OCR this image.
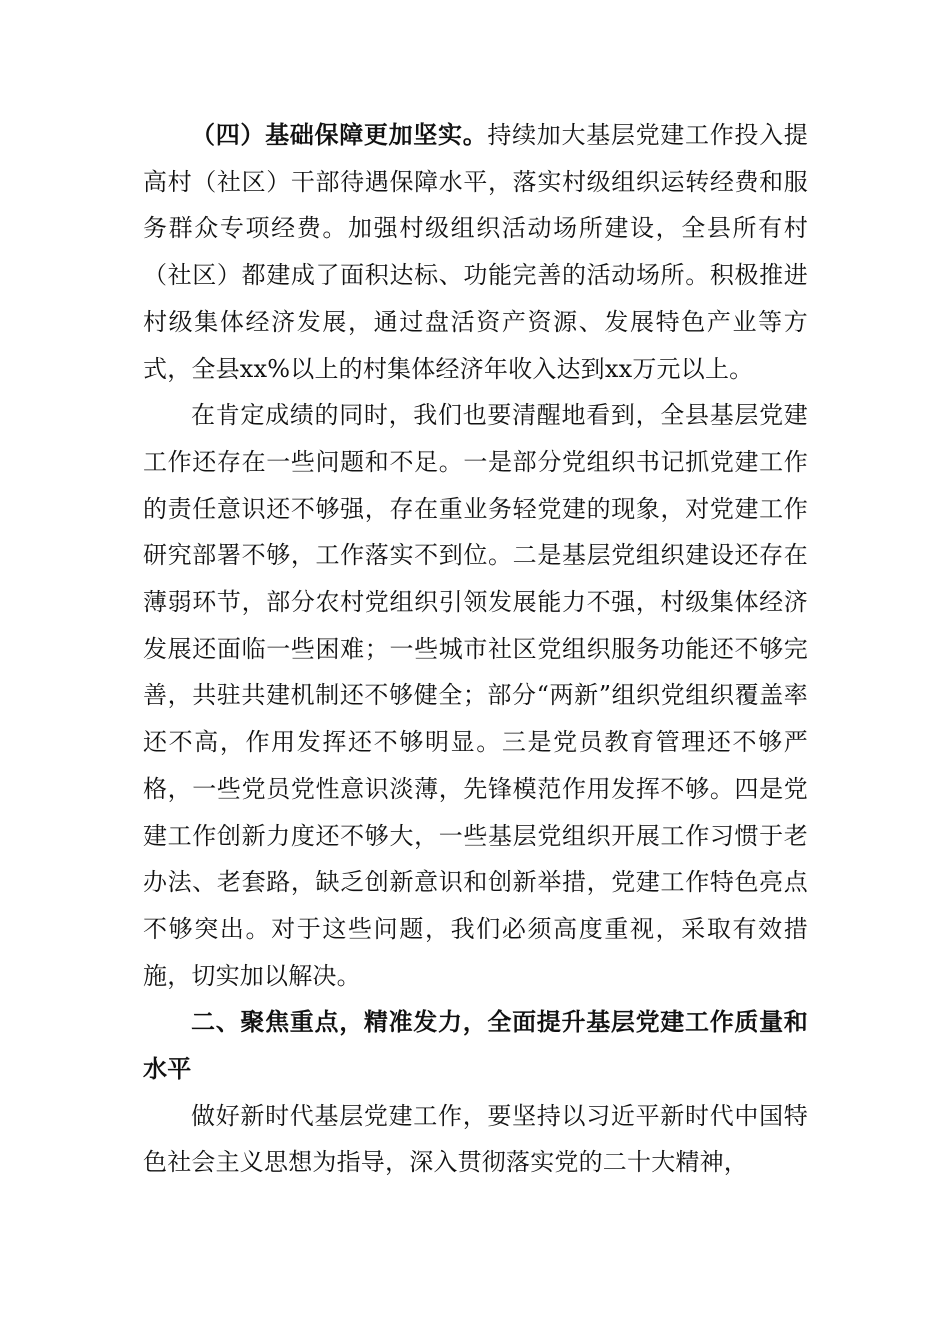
（四）基础保障更加坚实。持续加大基层党建工作投入提高村（社区）干部待遇保障水平，落实村级组织运转经费和服务群众专项经费。加强村级组织活动场所建设，全县所有村（社区）都建成了面积达标、功能完善的活动场所。积极推进村级集体经济发展，通过盘活资产资源、发展特色产业等方式，全县xx%以上的村集体经济年收入达到xx万元以上。

在肯定成绩的同时，我们也要清醒地看到，全县基层党建工作还存在一些问题和不足。一是部分党组织书记抓党建工作的责任意识还不够强，存在重业务轻党建的现象，对党建工作研究部署不够，工作落实不到位。二是基层党组织建设还存在薄弱环节，部分农村党组织引领发展能力不强，村级集体经济发展还面临一些困难；一些城市社区党组织服务功能还不够完善，共驻共建机制还不够健全；部分“两新”组织党组织覆盖率还不高，作用发挥还不够明显。三是党员教育管理还不够严格，一些党员党性意识淡薄，先锋模范作用发挥不够。四是党建工作创新力度还不够大，一些基层党组织开展工作习惯于老办法、老套路，缺乏创新意识和创新举措，党建工作特色亮点不够突出。对于这些问题，我们必须高度重视，采取有效措施，切实加以解决。

二、聚焦重点，精准发力，全面提升基层党建工作质量和水平

做好新时代基层党建工作，要坚持以习近平新时代中国特色社会主义思想为指导，深入贯彻落实党的二十大精神，
